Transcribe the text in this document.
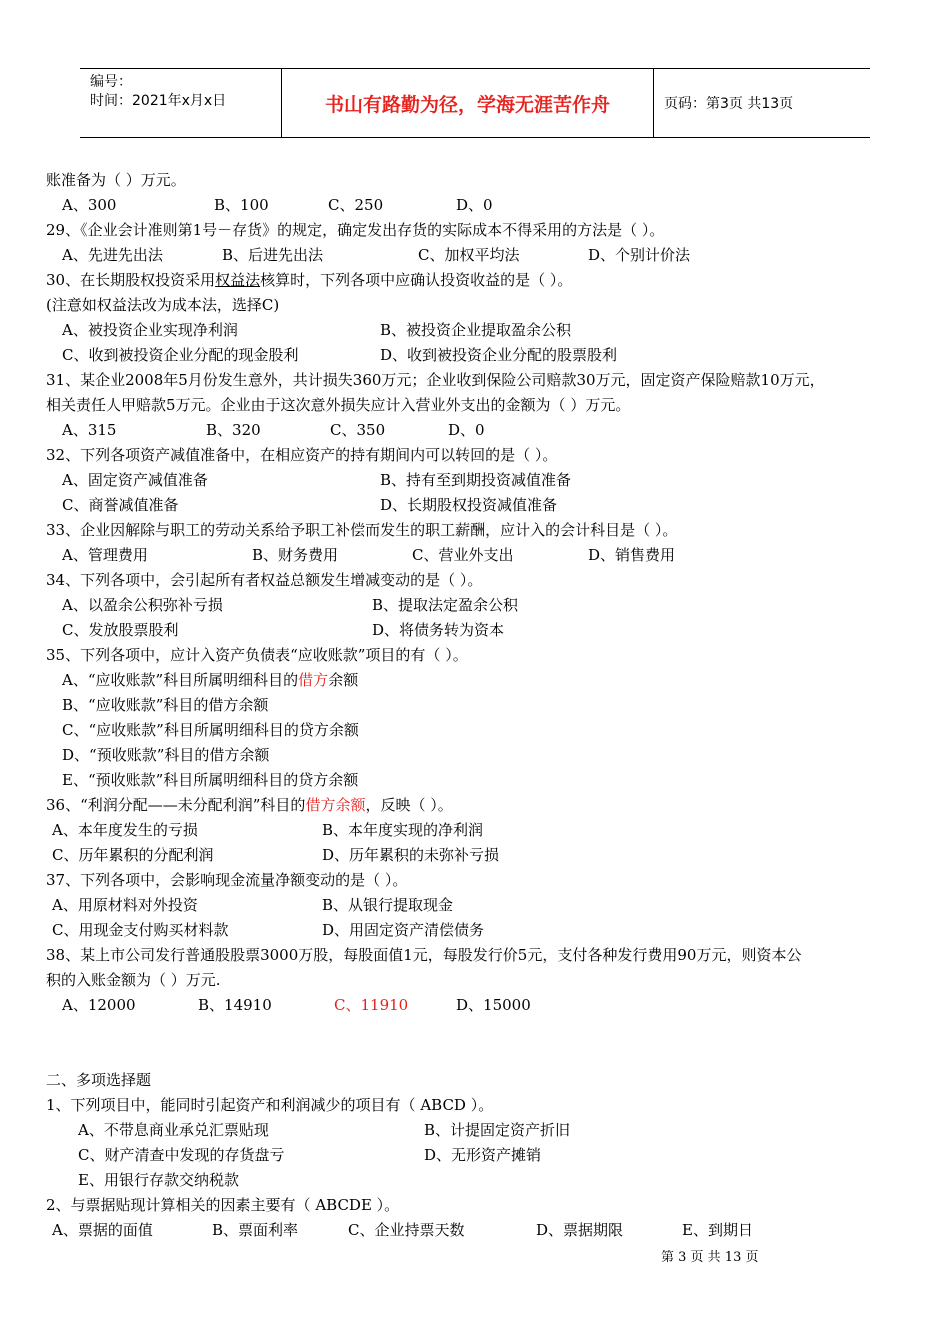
编号：
时间：2021年x月x日	书山有路勤为径，学海无涯苦作舟	页码：第3页 共13页
账准备为（ ）万元。
A、300	B、100	C、250	D、0
29、《企业会计准则第1号－存货》的规定，确定发出存货的实际成本不得采用的方法是（ ）。
A、先进先出法	B、后进先出法	C、加权平均法	D、个别计价法
30、在长期股权投资采用权益法核算时，下列各项中应确认投资收益的是（ ）。
(注意如权益法改为成本法，选择C)
A、被投资企业实现净利润	B、被投资企业提取盈余公积
C、收到被投资企业分配的现金股利	D、收到被投资企业分配的股票股利
31、某企业2008年5月份发生意外，共计损失360万元；企业收到保险公司赔款30万元，固定资产保险赔款10万元，
相关责任人甲赔款5万元。企业由于这次意外损失应计入营业外支出的金额为（ ）万元。
A、315	B、320	C、350	D、0
32、下列各项资产减值准备中，在相应资产的持有期间内可以转回的是（ ）。
A、固定资产减值准备	B、持有至到期投资减值准备
C、商誉减值准备	D、长期股权投资减值准备
33、企业因解除与职工的劳动关系给予职工补偿而发生的职工薪酬，应计入的会计科目是（ ）。
A、管理费用	B、财务费用	C、营业外支出	D、销售费用
34、下列各项中，会引起所有者权益总额发生增减变动的是（ ）。
A、以盈余公积弥补亏损	B、提取法定盈余公积
C、发放股票股利	D、将债务转为资本
35、下列各项中，应计入资产负债表“应收账款”项目的有（ ）。
A、“应收账款”科目所属明细科目的借方余额
B、“应收账款”科目的借方余额
C、“应收账款”科目所属明细科目的贷方余额
D、“预收账款”科目的借方余额
E、“预收账款”科目所属明细科目的贷方余额
36、“利润分配——未分配利润”科目的借方余额，反映（ ）。
A、本年度发生的亏损	B、本年度实现的净利润
C、历年累积的分配利润	D、历年累积的未弥补亏损
37、下列各项中，会影响现金流量净额变动的是（ ）。
A、用原材料对外投资	B、从银行提取现金
C、用现金支付购买材料款	D、用固定资产清偿债务
38、某上市公司发行普通股股票3000万股，每股面值1元，每股发行价5元，支付各种发行费用90万元，则资本公
积的入账金额为（ ）万元.
A、12000	B、14910	C、11910	D、15000
二、多项选择题
1、下列项目中，能同时引起资产和利润减少的项目有（ ABCD ）。
A、不带息商业承兑汇票贴现	B、计提固定资产折旧
C、财产清查中发现的存货盘亏	D、无形资产摊销
E、用银行存款交纳税款
2、与票据贴现计算相关的因素主要有（ ABCDE ）。
A、票据的面值	B、票面利率	C、企业持票天数	D、票据期限	E、到期日
第 3 页 共 13 页
